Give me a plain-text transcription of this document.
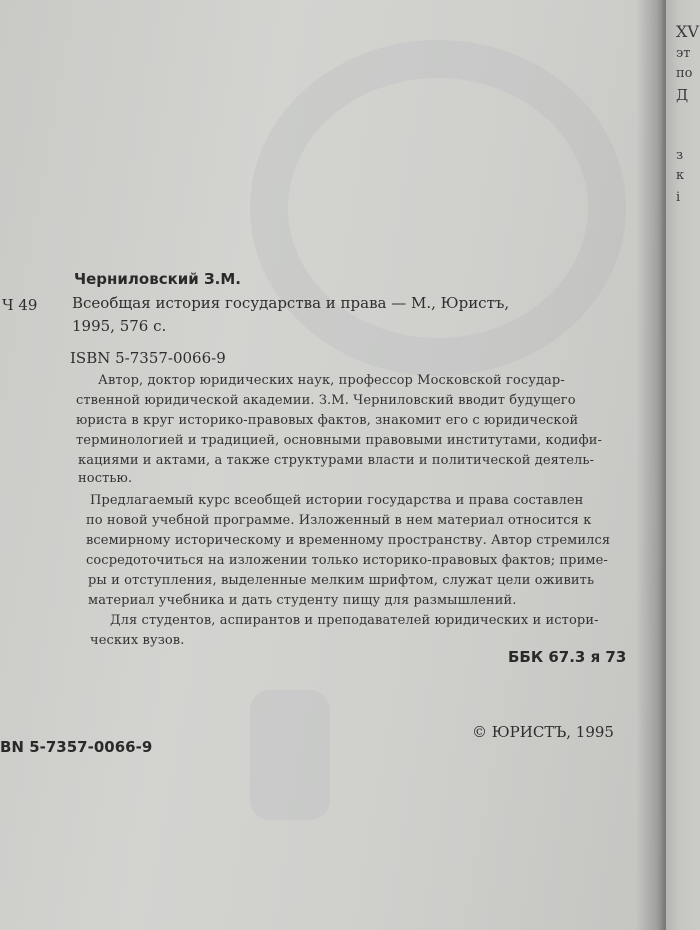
Черниловский З.М.
Ч 49 Всеобщая история государства и права — М., Юристъ,
1995, 576 с.
ISBN 5-7357-0066-9
Автор, доктор юридических наук, профессор Московской государ-
ственной юридической академии. З.М. Черниловский вводит будущего
юриста в круг историко-правовых фактов, знакомит его с юридической
терминологией и традицией, основными правовыми институтами, кодифи-
кациями и актами, а также структурами власти и политической деятель-
ностью.
Предлагаемый курс всеобщей истории государства и права составлен
по новой учебной программе. Изложенный в нем материал относится к
всемирному историческому и временному пространству. Автор стремился
сосредоточиться на изложении только историко-правовых фактов; приме-
ры и отступления, выделенные мелким шрифтом, служат цели оживить
материал учебника и дать студенту пищу для размышлений.
Для студентов, аспирантов и преподавателей юридических и истори-
ческих вузов.
ББК 67.3 я 73
© ЮРИСТЪ, 1995
BN 5-7357-0066-9
XV
эт
по
Д
з
к
і
